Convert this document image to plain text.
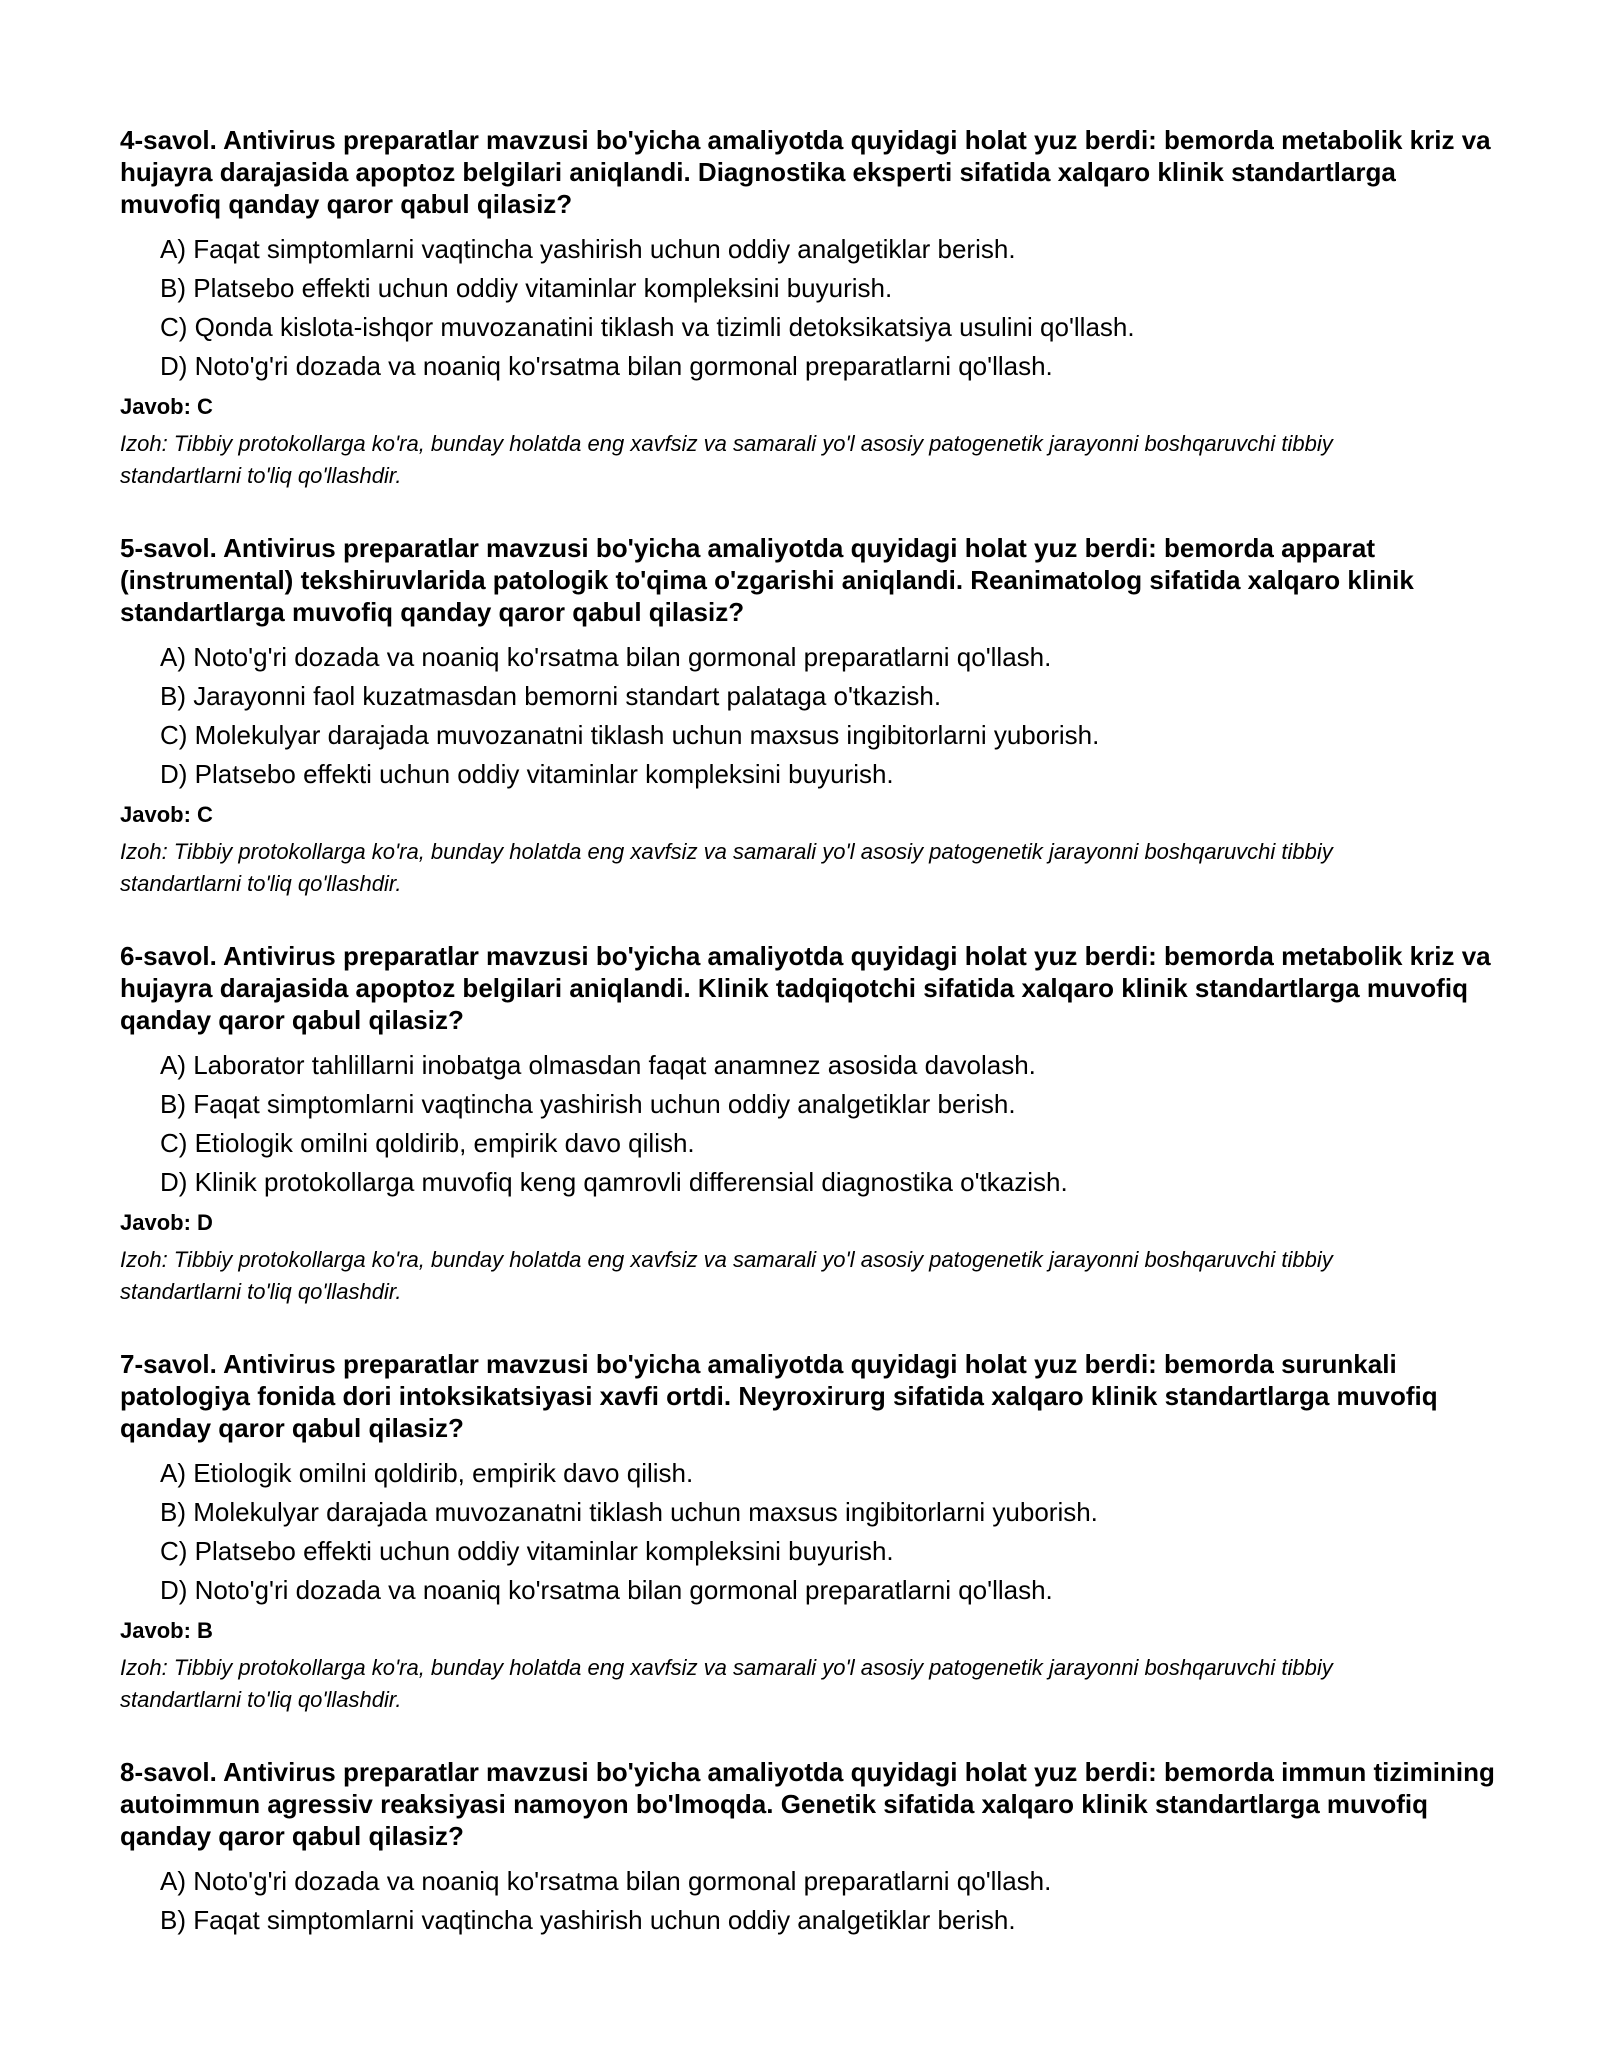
4-savol. Antivirus preparatlar mavzusi bo'yicha amaliyotda quyidagi holat yuz berdi: bemorda metabolik kriz va hujayra darajasida apoptoz belgilari aniqlandi. Diagnostika eksperti sifatida xalqaro klinik standartlarga muvofiq qanday qaror qabul qilasiz?

A) Faqat simptomlarni vaqtincha yashirish uchun oddiy analgetiklar berish.
B) Platsebo effekti uchun oddiy vitaminlar kompleksini buyurish.
C) Qonda kislota-ishqor muvozanatini tiklash va tizimli detoksikatsiya usulini qo'llash.
D) Noto'g'ri dozada va noaniq ko'rsatma bilan gormonal preparatlarni qo'llash.
Javob: C
Izoh: Tibbiy protokollarga ko'ra, bunday holatda eng xavfsiz va samarali yo'l asosiy patogenetik jarayonni boshqaruvchi tibbiy standartlarni to'liq qo'llashdir.

5-savol. Antivirus preparatlar mavzusi bo'yicha amaliyotda quyidagi holat yuz berdi: bemorda apparat (instrumental) tekshiruvlarida patologik to'qima o'zgarishi aniqlandi. Reanimatolog sifatida xalqaro klinik standartlarga muvofiq qanday qaror qabul qilasiz?

A) Noto'g'ri dozada va noaniq ko'rsatma bilan gormonal preparatlarni qo'llash.
B) Jarayonni faol kuzatmasdan bemorni standart palataga o'tkazish.
C) Molekulyar darajada muvozanatni tiklash uchun maxsus ingibitorlarni yuborish.
D) Platsebo effekti uchun oddiy vitaminlar kompleksini buyurish.
Javob: C
Izoh: Tibbiy protokollarga ko'ra, bunday holatda eng xavfsiz va samarali yo'l asosiy patogenetik jarayonni boshqaruvchi tibbiy standartlarni to'liq qo'llashdir.

6-savol. Antivirus preparatlar mavzusi bo'yicha amaliyotda quyidagi holat yuz berdi: bemorda metabolik kriz va hujayra darajasida apoptoz belgilari aniqlandi. Klinik tadqiqotchi sifatida xalqaro klinik standartlarga muvofiq qanday qaror qabul qilasiz?

A) Laborator tahlillarni inobatga olmasdan faqat anamnez asosida davolash.
B) Faqat simptomlarni vaqtincha yashirish uchun oddiy analgetiklar berish.
C) Etiologik omilni qoldirib, empirik davo qilish.
D) Klinik protokollarga muvofiq keng qamrovli differensial diagnostika o'tkazish.
Javob: D
Izoh: Tibbiy protokollarga ko'ra, bunday holatda eng xavfsiz va samarali yo'l asosiy patogenetik jarayonni boshqaruvchi tibbiy standartlarni to'liq qo'llashdir.

7-savol. Antivirus preparatlar mavzusi bo'yicha amaliyotda quyidagi holat yuz berdi: bemorda surunkali patologiya fonida dori intoksikatsiyasi xavfi ortdi. Neyroxirurg sifatida xalqaro klinik standartlarga muvofiq qanday qaror qabul qilasiz?

A) Etiologik omilni qoldirib, empirik davo qilish.
B) Molekulyar darajada muvozanatni tiklash uchun maxsus ingibitorlarni yuborish.
C) Platsebo effekti uchun oddiy vitaminlar kompleksini buyurish.
D) Noto'g'ri dozada va noaniq ko'rsatma bilan gormonal preparatlarni qo'llash.
Javob: B
Izoh: Tibbiy protokollarga ko'ra, bunday holatda eng xavfsiz va samarali yo'l asosiy patogenetik jarayonni boshqaruvchi tibbiy standartlarni to'liq qo'llashdir.

8-savol. Antivirus preparatlar mavzusi bo'yicha amaliyotda quyidagi holat yuz berdi: bemorda immun tizimining autoimmun agressiv reaksiyasi namoyon bo'lmoqda. Genetik sifatida xalqaro klinik standartlarga muvofiq qanday qaror qabul qilasiz?

A) Noto'g'ri dozada va noaniq ko'rsatma bilan gormonal preparatlarni qo'llash.
B) Faqat simptomlarni vaqtincha yashirish uchun oddiy analgetiklar berish.
